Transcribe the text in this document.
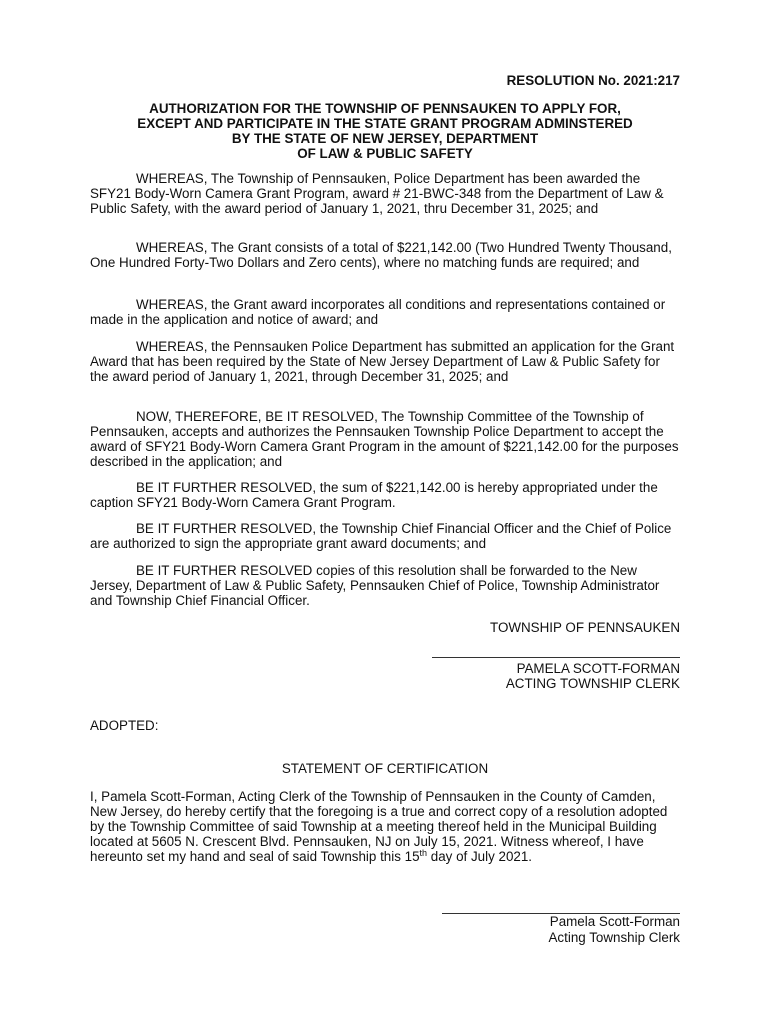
RESOLUTION No. 2021:217
AUTHORIZATION FOR THE TOWNSHIP OF PENNSAUKEN TO APPLY FOR,
EXCEPT AND PARTICIPATE IN THE STATE GRANT PROGRAM ADMINSTERED
BY THE STATE OF NEW JERSEY, DEPARTMENT
OF LAW & PUBLIC SAFETY

WHEREAS, The Township of Pennsauken, Police Department has been awarded the SFY21 Body-Worn Camera Grant Program, award # 21-BWC-348 from the Department of Law & Public Safety, with the award period of January 1, 2021, thru December 31, 2025; and

WHEREAS, The Grant consists of a total of $221,142.00 (Two Hundred Twenty Thousand, One Hundred Forty-Two Dollars and Zero cents), where no matching funds are required; and

WHEREAS, the Grant award incorporates all conditions and representations contained or made in the application and notice of award; and

WHEREAS, the Pennsauken Police Department has submitted an application for the Grant Award that has been required by the State of New Jersey Department of Law & Public Safety for the award period of January 1, 2021, through December 31, 2025; and

NOW, THEREFORE, BE IT RESOLVED, The Township Committee of the Township of Pennsauken, accepts and authorizes the Pennsauken Township Police Department to accept the award of SFY21 Body-Worn Camera Grant Program in the amount of $221,142.00 for the purposes described in the application; and

BE IT FURTHER RESOLVED, the sum of $221,142.00 is hereby appropriated under the caption SFY21 Body-Worn Camera Grant Program.

BE IT FURTHER RESOLVED, the Township Chief Financial Officer and the Chief of Police are authorized to sign the appropriate grant award documents; and

BE IT FURTHER RESOLVED copies of this resolution shall be forwarded to the New Jersey, Department of Law & Public Safety, Pennsauken Chief of Police, Township Administrator and Township Chief Financial Officer.

TOWNSHIP OF PENNSAUKEN
PAMELA SCOTT-FORMAN
ACTING TOWNSHIP CLERK
ADOPTED:
STATEMENT OF CERTIFICATION

I, Pamela Scott-Forman, Acting Clerk of the Township of Pennsauken in the County of Camden, New Jersey, do hereby certify that the foregoing is a true and correct copy of a resolution adopted by the Township Committee of said Township at a meeting thereof held in the Municipal Building located at 5605 N. Crescent Blvd. Pennsauken, NJ on July 15, 2021. Witness whereof, I have hereunto set my hand and seal of said Township this 15th day of July 2021.

Pamela Scott-Forman
Acting Township Clerk
